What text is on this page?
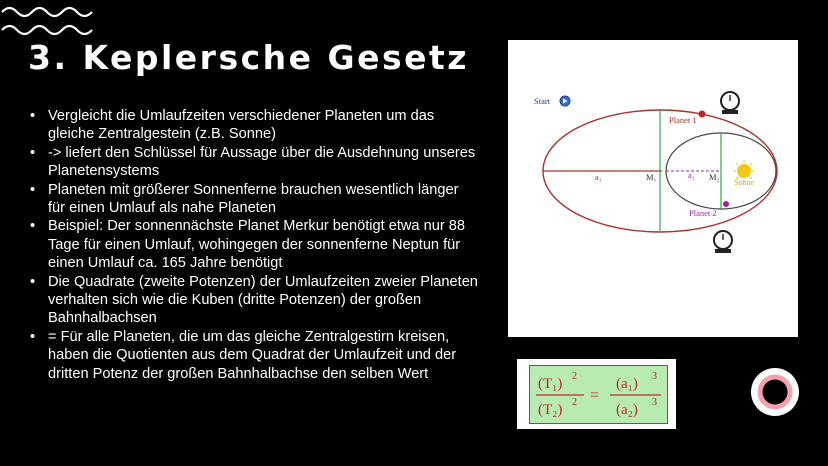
3. Keplersche Gesetz
• Vergleicht die Umlaufzeiten verschiedener Planeten um das gleiche Zentralgestein (z.B. Sonne)
• -> liefert den Schlüssel für Aussage über die Ausdehnung unseres Planetensystems
• Planeten mit größerer Sonnenferne brauchen wesentlich länger für einen Umlauf als nahe Planeten
• Beispiel: Der sonnennächste Planet Merkur benötigt etwa nur 88 Tage für einen Umlauf, wohingegen der sonnenferne Neptun für einen Umlauf ca. 165 Jahre benötigt
• Die Quadrate (zweite Potenzen) der Umlaufzeiten zweier Planeten verhalten sich wie die Kuben (dritte Potenzen) der großen Bahnhalbachsen
• = Für alle Planeten, die um das gleiche Zentralgestirn kreisen, haben die Quotienten aus dem Quadrat der Umlaufzeit und der dritten Potenz der großen Bahnhalbachse den selben Wert
Start
Sonne
a₁	M₁	a₂ M₂
Planet 1
Planet 2
(T₁) 2
(T₂) 2 =
(a₁) 3
(a₂) 3
